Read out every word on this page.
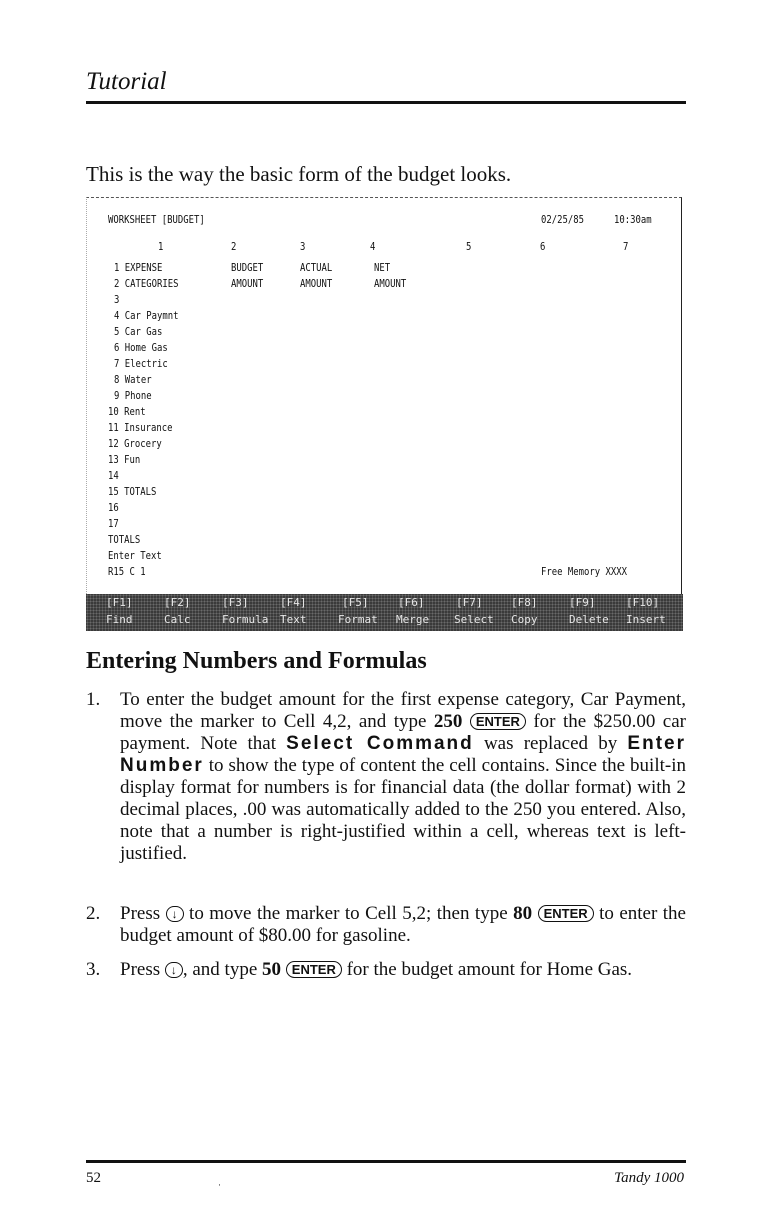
Tutorial
This is the way the basic form of the budget looks.
WORKSHEET [BUDGET]	02/25/85	10:30am
1	2	3	4	5	6	7
1 EXPENSE	BUDGET	ACTUAL	NET
2 CATEGORIES	AMOUNT	AMOUNT	AMOUNT
3
4 Car Paymnt
5 Car Gas
6 Home Gas
7 Electric
8 Water
9 Phone
10 Rent
11 Insurance
12 Grocery
13 Fun
14
15 TOTALS
16
17
TOTALS
Enter Text
R15 C 1	Free Memory XXXX
[F1]
Find
[F2]
Calc
[F3]
Formula
[F4]
Text
[F5]
Format
[F6]
Merge
[F7]
Select
[F8]
Copy
[F9]
Delete
[F10]
Insert
Entering Numbers and Formulas
1. To enter the budget amount for the first expense category, Car Payment, move the marker to Cell 4,2, and type 250 ENTER for the $250.00 car payment. Note that Select Command was replaced by Enter Number to show the type of content the cell contains. Since the built-in display format for numbers is for financial data (the dollar format) with 2 decimal places, .00 was automatically added to the 250 you entered. Also, note that a number is right-justified within a cell, whereas text is left-justified.
2. Press ↓ to move the marker to Cell 5,2; then type 80 ENTER to enter the budget amount of $80.00 for gasoline.
3. Press ↓ , and type 50 ENTER for the budget amount for Home Gas.
52	·	Tandy 1000
